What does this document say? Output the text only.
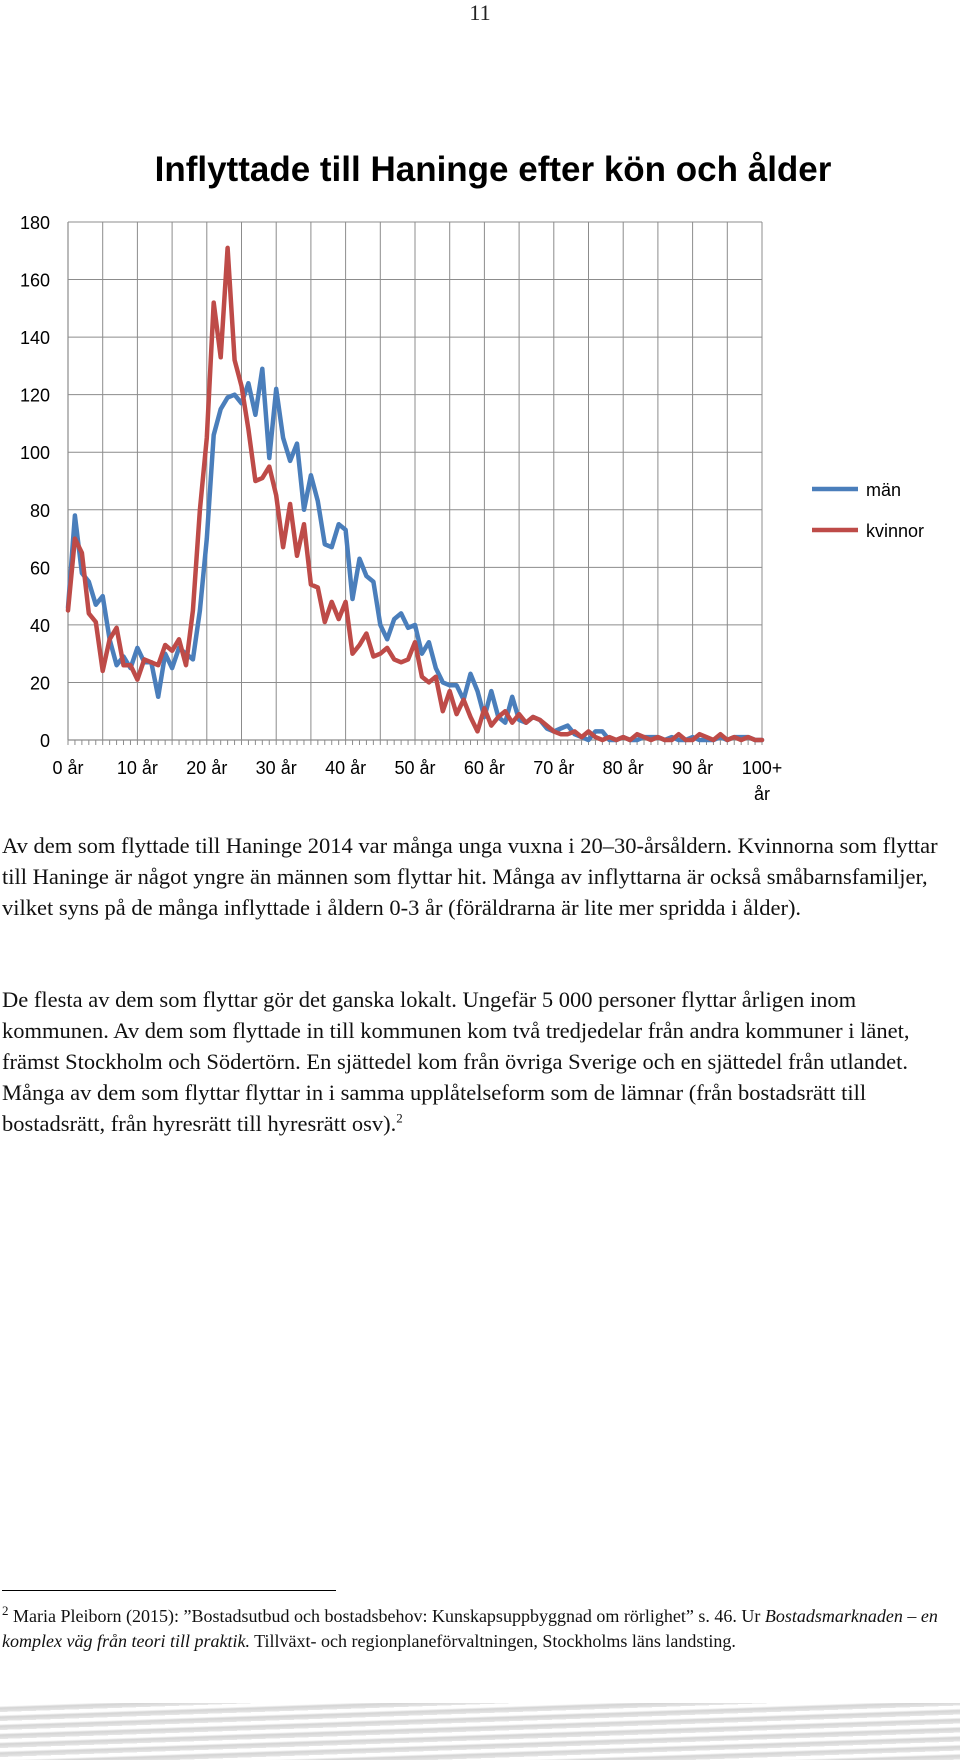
11
Inflyttade till Haninge efter kön och ålder
0
20
40
60
80
100
120
140
160
180
0 år 10 år 20 år 30 år 40 år 50 år 60 år 70 år 80 år 90 år 100+ år
män
kvinnor

Av dem som flyttade till Haninge 2014 var många unga vuxna i 20–30-årsåldern. Kvinnorna som flyttar till Haninge är något yngre än männen som flyttar hit. Många av inflyttarna är också småbarnsfamiljer, vilket syns på de många inflyttade i åldern 0-3 år (föräldrarna är lite mer spridda i ålder).

De flesta av dem som flyttar gör det ganska lokalt. Ungefär 5 000 personer flyttar årligen inom kommunen. Av dem som flyttade in till kommunen kom två tredjedelar från andra kommuner i länet, främst Stockholm och Södertörn. En sjättedel kom från övriga Sverige och en sjättedel från utlandet. Många av dem som flyttar flyttar in i samma upplåtelseform som de lämnar (från bostadsrätt till bostadsrätt, från hyresrätt till hyresrätt osv).$^2$

$^2$ Maria Pleiborn (2015): ”Bostadsutbud och bostadsbehov: Kunskapsuppbyggnad om rörlighet” s. 46. Ur Bostadsmarknaden – en komplex väg från teori till praktik. Tillväxt- och regionplaneförvaltningen, Stockholms läns landsting.
